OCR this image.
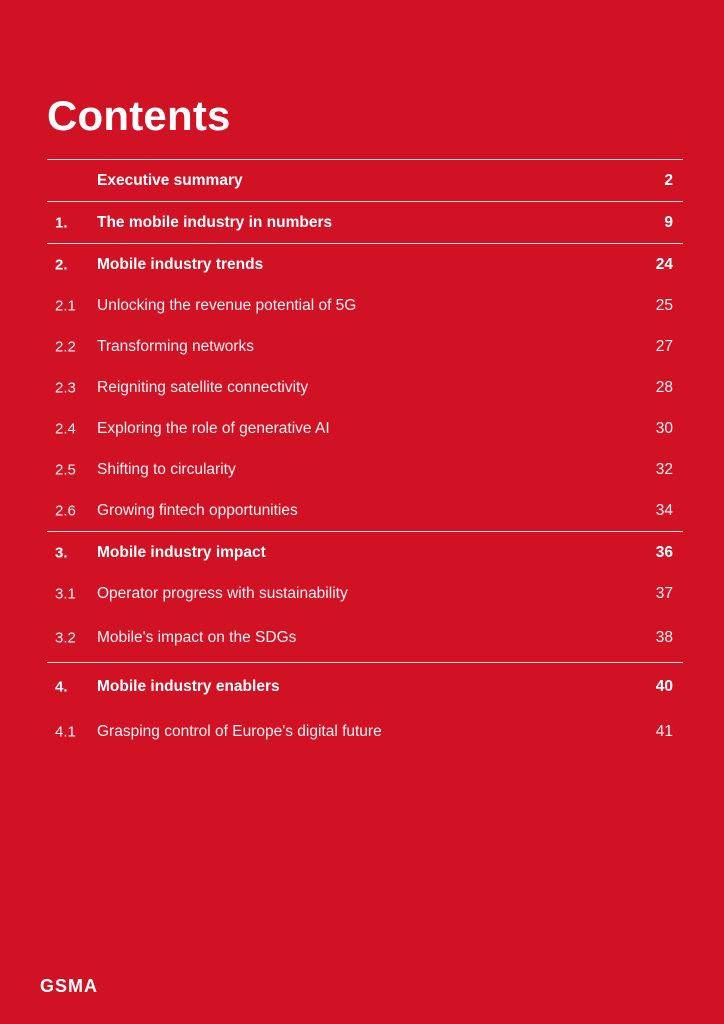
Contents
Executive summary	2
1. The mobile industry in numbers	9
2. Mobile industry trends	24
2.1 Unlocking the revenue potential of 5G	25
2.2 Transforming networks	27
2.3 Reigniting satellite connectivity	28
2.4 Exploring the role of generative AI	30
2.5 Shifting to circularity	32
2.6 Growing fintech opportunities	34
3. Mobile industry impact	36
3.1 Operator progress with sustainability	37
3.2 Mobile's impact on the SDGs	38
4. Mobile industry enablers	40
4.1 Grasping control of Europe's digital future	41
GSMA
